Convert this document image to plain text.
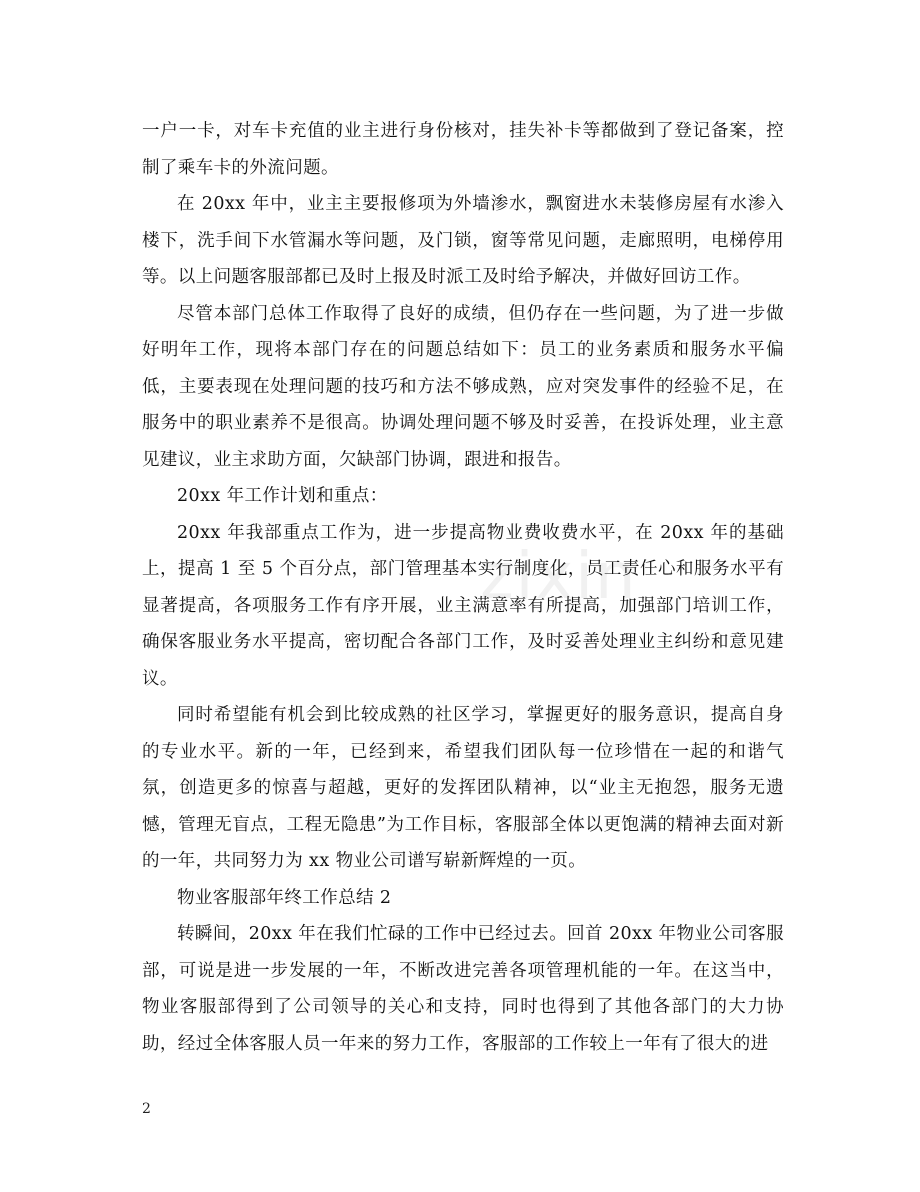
zixin

一户一卡，对车卡充值的业主进行身份核对，挂失补卡等都做到了登记备案，控制了乘车卡的外流问题。

在 20xx 年中，业主主要报修项为外墙渗水，飘窗进水未装修房屋有水渗入楼下，洗手间下水管漏水等问题，及门锁，窗等常见问题，走廊照明，电梯停用等。以上问题客服部都已及时上报及时派工及时给予解决，并做好回访工作。

尽管本部门总体工作取得了良好的成绩，但仍存在一些问题，为了进一步做好明年工作，现将本部门存在的问题总结如下：员工的业务素质和服务水平偏低，主要表现在处理问题的技巧和方法不够成熟，应对突发事件的经验不足，在服务中的职业素养不是很高。协调处理问题不够及时妥善，在投诉处理，业主意见建议，业主求助方面，欠缺部门协调，跟进和报告。

20xx 年工作计划和重点：

20xx 年我部重点工作为，进一步提高物业费收费水平，在 20xx 年的基础上，提高 1 至 5 个百分点，部门管理基本实行制度化，员工责任心和服务水平有显著提高，各项服务工作有序开展，业主满意率有所提高，加强部门培训工作，确保客服业务水平提高，密切配合各部门工作，及时妥善处理业主纠纷和意见建议。

同时希望能有机会到比较成熟的社区学习，掌握更好的服务意识，提高自身的专业水平。新的一年，已经到来，希望我们团队每一位珍惜在一起的和谐气氛，创造更多的惊喜与超越，更好的发挥团队精神，以“业主无抱怨，服务无遗憾，管理无盲点，工程无隐患”为工作目标，客服部全体以更饱满的精神去面对新的一年，共同努力为 xx 物业公司谱写崭新辉煌的一页。

物业客服部年终工作总结 2

转瞬间，20xx 年在我们忙碌的工作中已经过去。回首 20xx 年物业公司客服部，可说是进一步发展的一年，不断改进完善各项管理机能的一年。在这当中，物业客服部得到了公司领导的关心和支持，同时也得到了其他各部门的大力协助，经过全体客服人员一年来的努力工作，客服部的工作较上一年有了很大的进

2
